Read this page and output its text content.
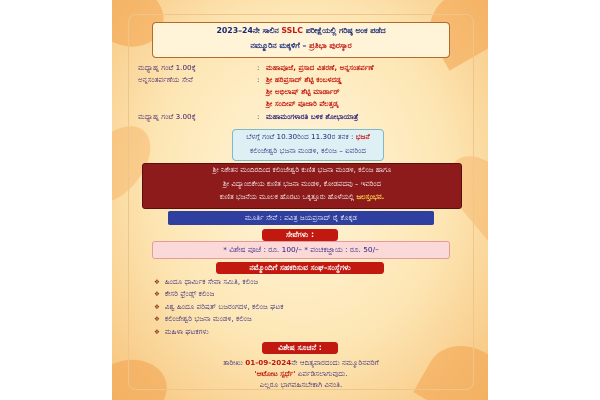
2023–24ನೇ ಸಾಲಿನ SSLC ಪರೀಕ್ಷೆಯಲ್ಲಿ ಗರಿಷ್ಠ ಅಂಕ ಪಡೆದ
ನಮ್ಮೂರಿನ ಮಕ್ಕಳಿಗೆ – ಪ್ರತಿಭಾ ಪುರಸ್ಕಾರ
ಮಧ್ಯಾಹ್ನ ಗಂಟೆ 1.00ಕ್ಕೆ	: ಮಹಾಪೂಜೆ, ಪ್ರಸಾದ ವಿತರಣೆ, ಅನ್ನಸಂತರ್ಪಣೆ
ಅನ್ನಸಂತರ್ಪಣೆಯ ಸೇವೆ	: ಶ್ರೀ ಹರಿಪ್ರಸಾದ್ ಶೆಟ್ಟಿ ಕಂಬಳದಡ್ಡ
ಶ್ರೀ ಅಭಿಲಾಷ್ ಶೆಟ್ಟಿ ಮಾರ್ಡಾರ್
ಶ್ರೀ ಸಂದೀಪ್ ಪೂಜಾರಿ ಪೆಲತ್ತಡ್ಕ
ಮಧ್ಯಾಹ್ನ ಗಂಟೆ 3.00ಕ್ಕೆ	: ಮಹಾಮಂಗಳಾರತಿ ಬಳಿಕ ಶೋಭಾಯಾತ್ರೆ
ಬೆಳಗ್ಗೆ ಗಂಟೆ 10.30ರಿಂದ 11.30ರ ತನಕ : ಭಜನೆ
ಕಲಿಂಜೇಶ್ವರಿ ಭಜನಾ ಮಂಡಳಿ, ಕಲಿಂಜ – ಐವರಿಂದ
ಶ್ರೀ ನಿಕೇತನ ಮಂದಿರದಿಂದ ಕಲಿಂಜೇಶ್ವರಿ ಕುಣಿತ ಭಜನಾ ಮಂಡಳಿ, ಕಲಿಂಜ ಹಾಗೂ
ಶ್ರೀ ವಿದ್ಯಾಂಬಿಕೇಯ ಕುಣಿತ ಭಜನಾ ಮಂಡಳಿ, ಕೋಡಪದವು – ಇವರಿಂದ
ಕುಣಿತ ಭಜನೆಯ ಮೂಲಕ ಹೊರಟು ಒಕ್ಕತ್ತೂರು ಹೊಳೆಯಲ್ಲಿ ಜಲಸ್ತಂಭನ.
ಮೂರ್ತಿ ಸೇವೆ : ಪವಿತ್ರ ಜಯಪ್ರಸಾದ್ ರೈ ಕೊಕ್ಕಡ
ಸೇವೆಗಳು :
* ವಿಶೇಷ ಪೂಜೆ : ರೂ. 100/– * ಪಂಚಕಜ್ಜಾಯ : ರೂ. 50/–
ನಮ್ಮೊಂದಿಗೆ ಸಹಕರಿಸುವ ಸಂಘ–ಸಂಸ್ಥೆಗಳು
❖ ಹಿಂದೂ ಧಾರ್ಮಿಕ ಸೇವಾ ಸಮಿತಿ, ಕಲಿಂಜ
❖ ಕೇಸರಿ ಫ್ರೆಂಡ್ಸ್ ಕಲಿಂಜ
❖ ವಿಶ್ವ ಹಿಂದೂ ಪರಿಷತ್ ಬಜರಂಗದಳ, ಕಲಿಂಜ ಘಟಕ
❖ ಕಲಿಂಜೇಶ್ವರಿ ಭಜನಾ ಮಂಡಳಿ, ಕಲಿಂಜ
❖ ಮಹಿಳಾ ಘಟಕಗಳು
ವಿಶೇಷ ಸೂಚನೆ :
ತಾರೀಖು 01-09-2024ನೇ ಆದಿತ್ಯವಾರದಂದು ನಮ್ಮೂರಿನವರಿಗೆ
'ಆಟೋಟ ಸ್ಪರ್ಧೆ' ಏರ್ಪಡಿಸಲಾಗುವುದು.
ಎಲ್ಲರೂ ಭಾಗವಹಿಸಬೇಕಾಗಿ ವಿನಂತಿ.
